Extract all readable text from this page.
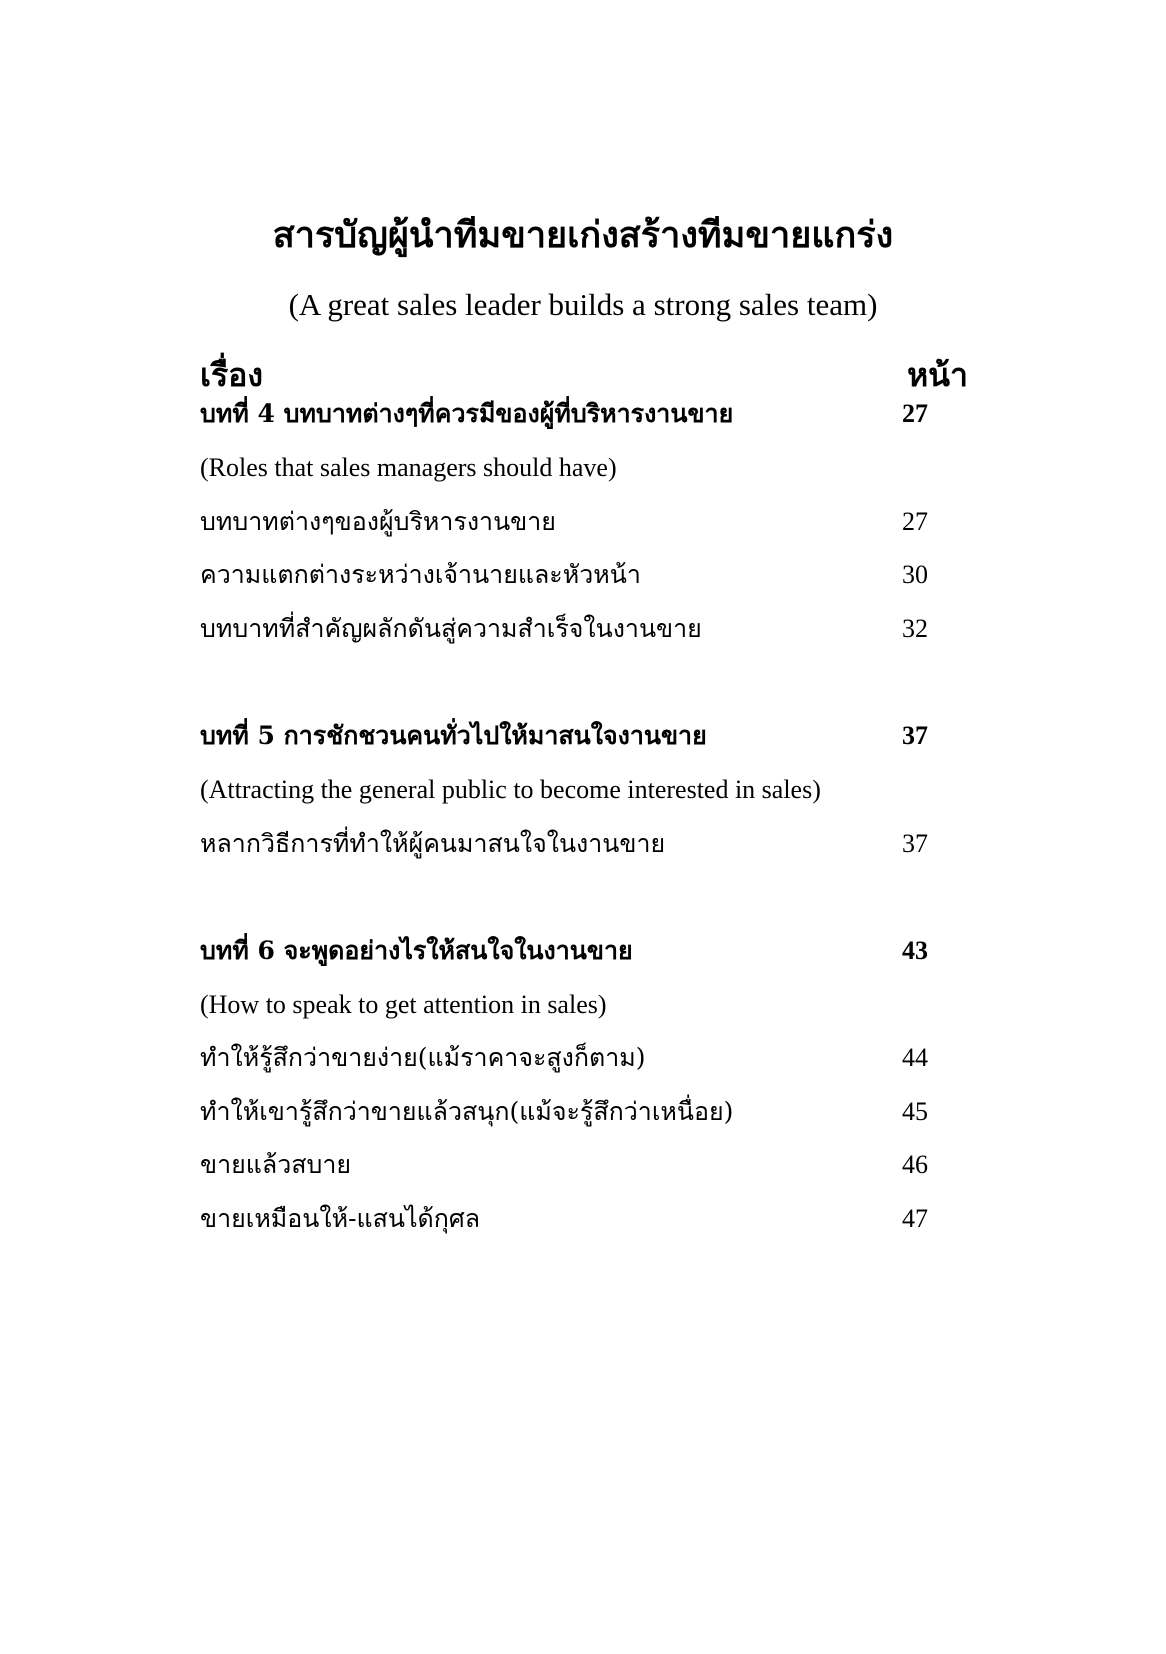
สารบัญผู้นำทีมขายเก่งสร้างทีมขายแกร่ง
(A great sales leader builds a strong sales team)
เรื่อง	หน้า
บทที่ 4 บทบาทต่างๆที่ควรมีของผู้ที่บริหารงานขาย	27
(Roles that sales managers should have)
บทบาทต่างๆของผู้บริหารงานขาย	27
ความแตกต่างระหว่างเจ้านายและหัวหน้า	30
บทบาทที่สำคัญผลักดันสู่ความสำเร็จในงานขาย	32
บทที่ 5 การชักชวนคนทั่วไปให้มาสนใจงานขาย	37
(Attracting the general public to become interested in sales)
หลากวิธีการที่ทำให้ผู้คนมาสนใจในงานขาย	37
บทที่ 6 จะพูดอย่างไรให้สนใจในงานขาย	43
(How to speak to get attention in sales)
ทำให้รู้สึกว่าขายง่าย(แม้ราคาจะสูงก็ตาม)	44
ทำให้เขารู้สึกว่าขายแล้วสนุก(แม้จะรู้สึกว่าเหนื่อย)	45
ขายแล้วสบาย	46
ขายเหมือนให้-แสนได้กุศล	47
